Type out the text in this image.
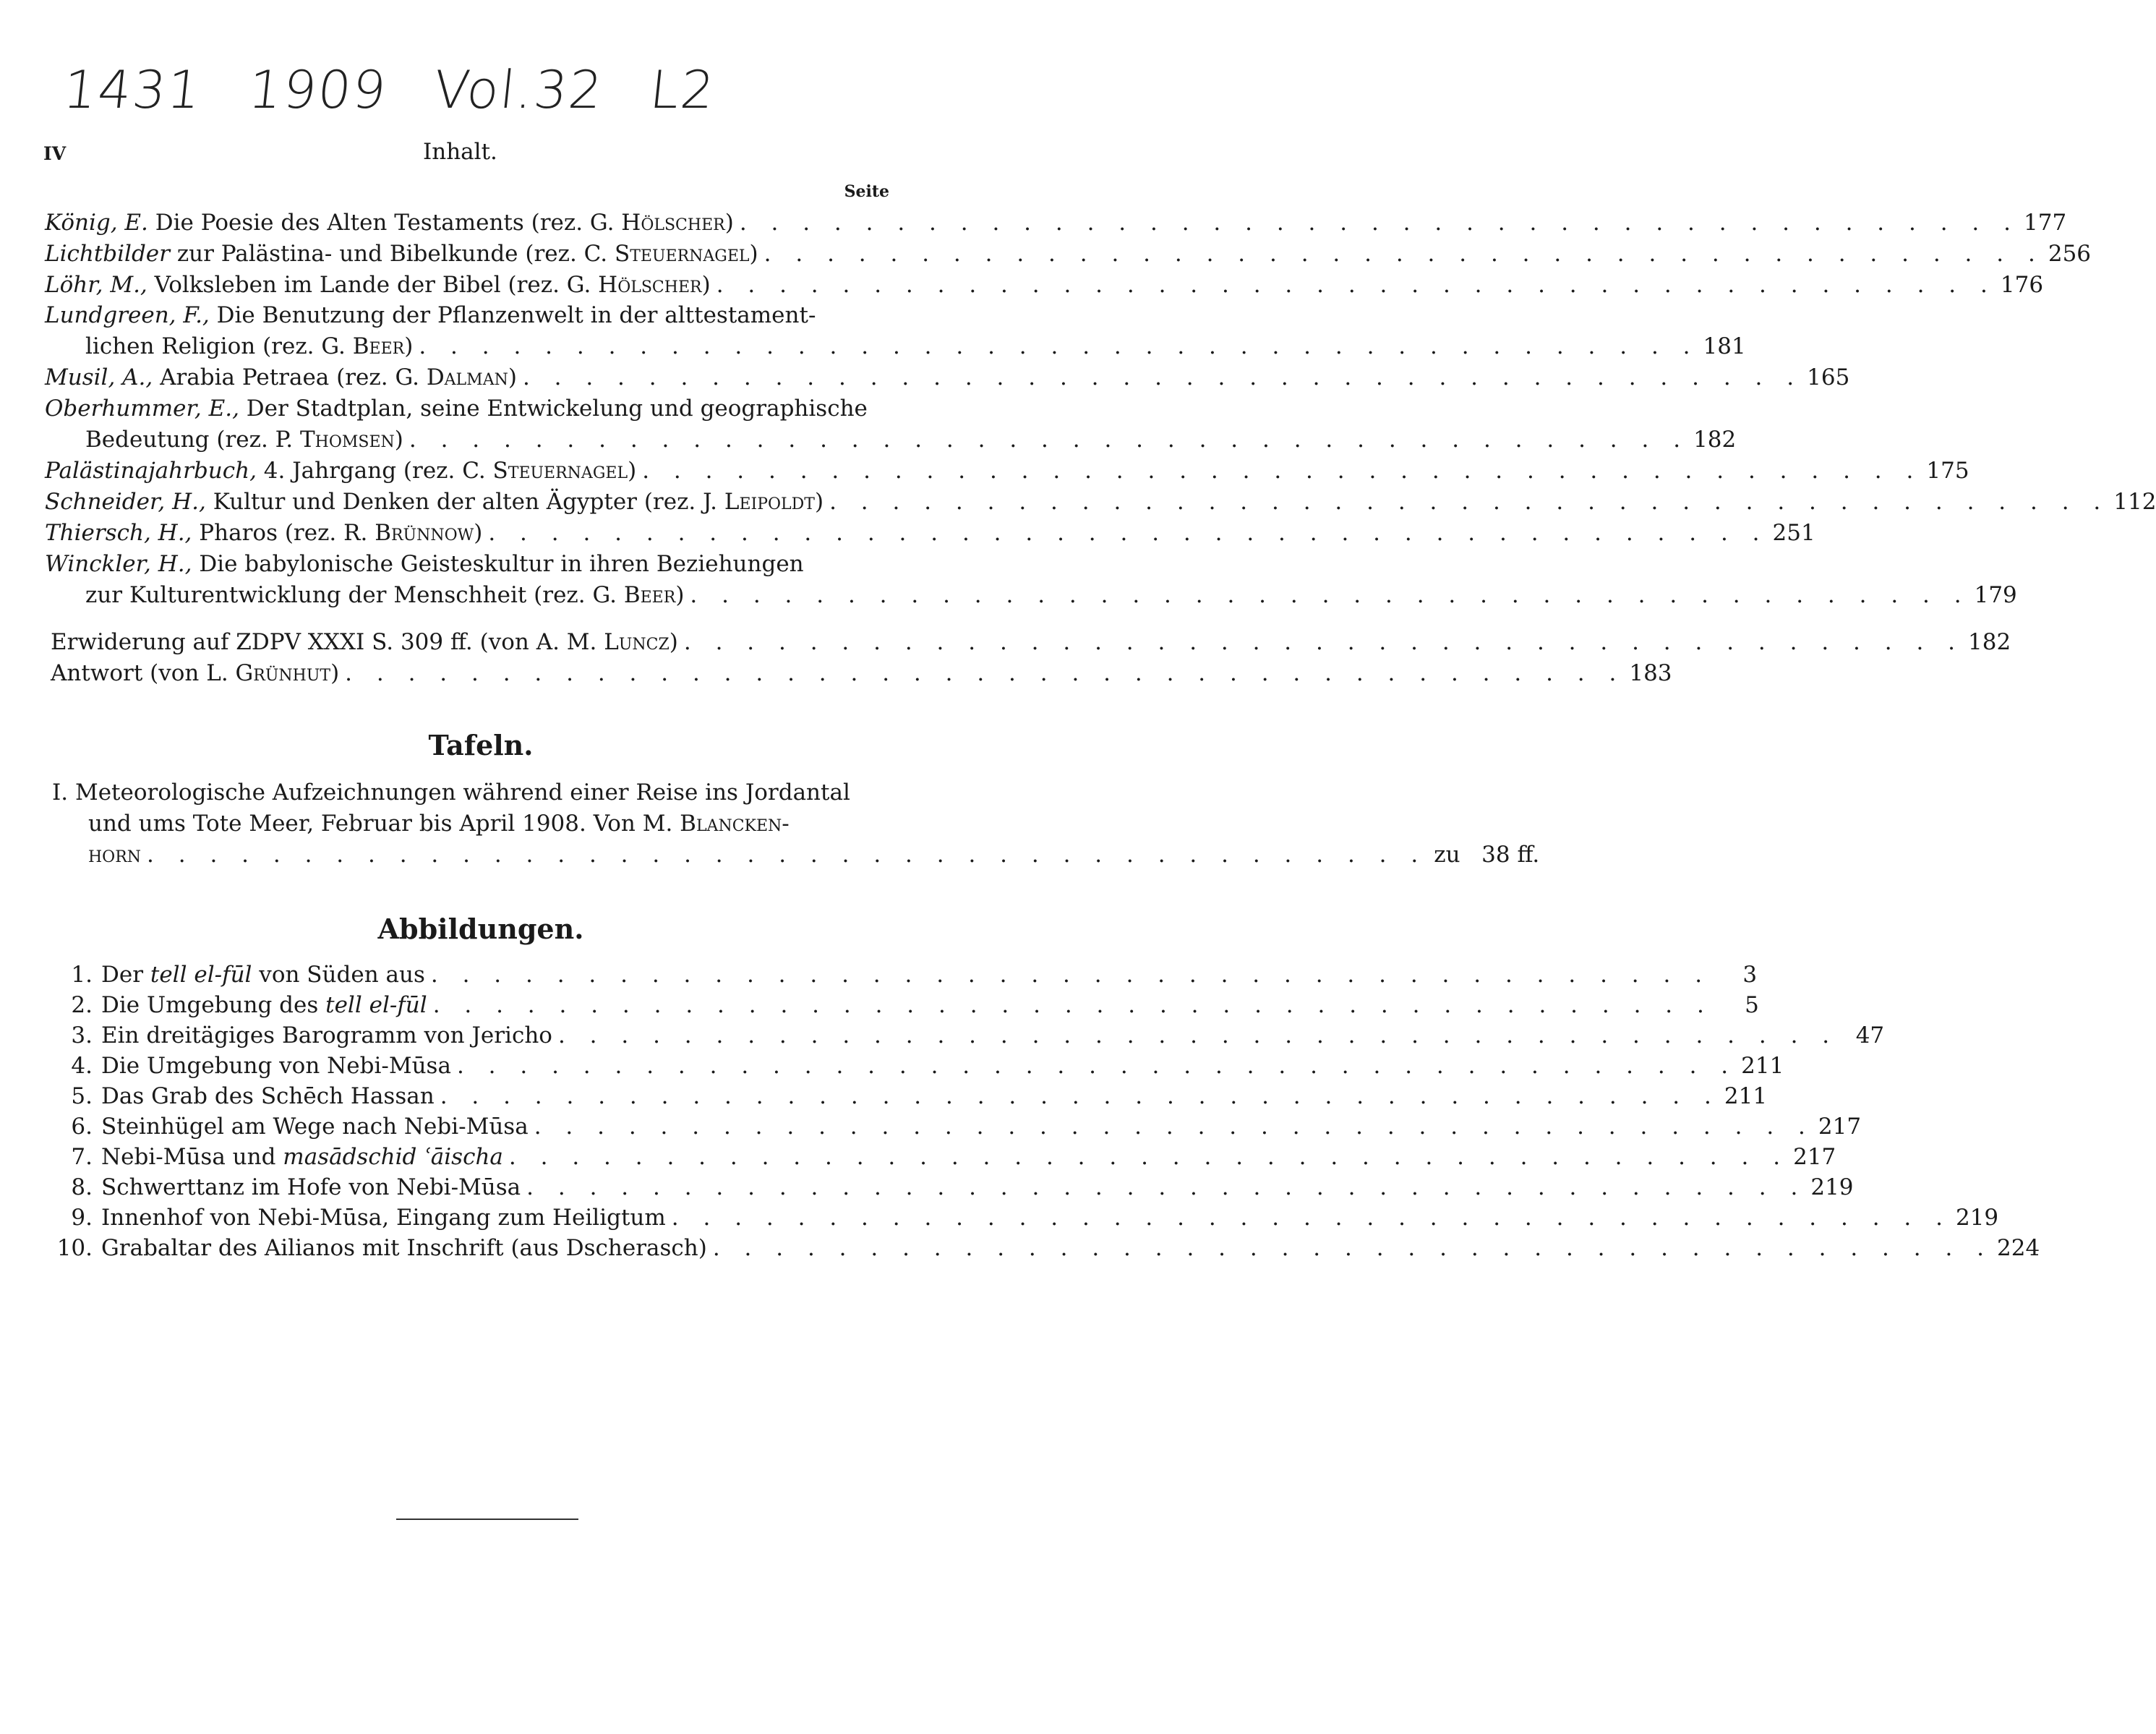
1431 1909 Vol.32 L2
IV	Inhalt.
Seite
König, E. Die Poesie des Alten Testaments (rez. G. Hölscher) . . . . . . . . . . . . . . . . . . . . . . . . . . . . . . . . . . . . . . . . . 177
Lichtbilder zur Palästina- und Bibelkunde (rez. C. Steuernagel) . . . . . . . . . . . . . . . . . . . . . . . . . . . . . . . . . . . . . . . . . 256
Löhr, M., Volksleben im Lande der Bibel (rez. G. Hölscher) . . . . . . . . . . . . . . . . . . . . . . . . . . . . . . . . . . . . . . . . . 176
Lundgreen, F., Die Benutzung der Pflanzenwelt in der alttestament-
lichen Religion (rez. G. Beer) . . . . . . . . . . . . . . . . . . . . . . . . . . . . . . . . . . . . . . . . . 181
Musil, A., Arabia Petraea (rez. G. Dalman) . . . . . . . . . . . . . . . . . . . . . . . . . . . . . . . . . . . . . . . . . 165
Oberhummer, E., Der Stadtplan, seine Entwickelung und geographische
Bedeutung (rez. P. Thomsen) . . . . . . . . . . . . . . . . . . . . . . . . . . . . . . . . . . . . . . . . . 182
Palästinajahrbuch, 4. Jahrgang (rez. C. Steuernagel) . . . . . . . . . . . . . . . . . . . . . . . . . . . . . . . . . . . . . . . . . 175
Schneider, H., Kultur und Denken der alten Ägypter (rez. J. Leipoldt) . . . . . . . . . . . . . . . . . . . . . . . . . . . . . . . . . . . . . . . . . 112
Thiersch, H., Pharos (rez. R. Brünnow) . . . . . . . . . . . . . . . . . . . . . . . . . . . . . . . . . . . . . . . . . 251
Winckler, H., Die babylonische Geisteskultur in ihren Beziehungen
zur Kulturentwicklung der Menschheit (rez. G. Beer) . . . . . . . . . . . . . . . . . . . . . . . . . . . . . . . . . . . . . . . . . 179
Erwiderung auf ZDPV XXXI S. 309 ff. (von A. M. Luncz) . . . . . . . . . . . . . . . . . . . . . . . . . . . . . . . . . . . . . . . . . 182
Antwort (von L. Grünhut) . . . . . . . . . . . . . . . . . . . . . . . . . . . . . . . . . . . . . . . . . 183
Tafeln.
I. Meteorologische Aufzeichnungen während einer Reise ins Jordantal
und ums Tote Meer, Februar bis April 1908. Von M. Blancken-
horn . . . . . . . . . . . . . . . . . . . . . . . . . . . . . . . . . . . . . . . . . zu 38 ff.
Abbildungen.
1. Der tell el-fūl von Süden aus . . . . . . . . . . . . . . . . . . . . . . . . . . . . . . . . . . . . . . . . .	3
2. Die Umgebung des tell el-fūl . . . . . . . . . . . . . . . . . . . . . . . . . . . . . . . . . . . . . . . . .	5
3. Ein dreitägiges Barogramm von Jericho . . . . . . . . . . . . . . . . . . . . . . . . . . . . . . . . . . . . . . . . . 47
4. Die Umgebung von Nebi-Mūsa . . . . . . . . . . . . . . . . . . . . . . . . . . . . . . . . . . . . . . . . . 211
5. Das Grab des Schēch Hassan . . . . . . . . . . . . . . . . . . . . . . . . . . . . . . . . . . . . . . . . . 211
6. Steinhügel am Wege nach Nebi-Mūsa . . . . . . . . . . . . . . . . . . . . . . . . . . . . . . . . . . . . . . . . . 217
7. Nebi-Mūsa und masādschid ʿāischa . . . . . . . . . . . . . . . . . . . . . . . . . . . . . . . . . . . . . . . . . 217
8. Schwerttanz im Hofe von Nebi-Mūsa . . . . . . . . . . . . . . . . . . . . . . . . . . . . . . . . . . . . . . . . . 219
9. Innenhof von Nebi-Mūsa, Eingang zum Heiligtum . . . . . . . . . . . . . . . . . . . . . . . . . . . . . . . . . . . . . . . . . 219
10. Grabaltar des Ailianos mit Inschrift (aus Dscherasch) . . . . . . . . . . . . . . . . . . . . . . . . . . . . . . . . . . . . . . . . . 224
